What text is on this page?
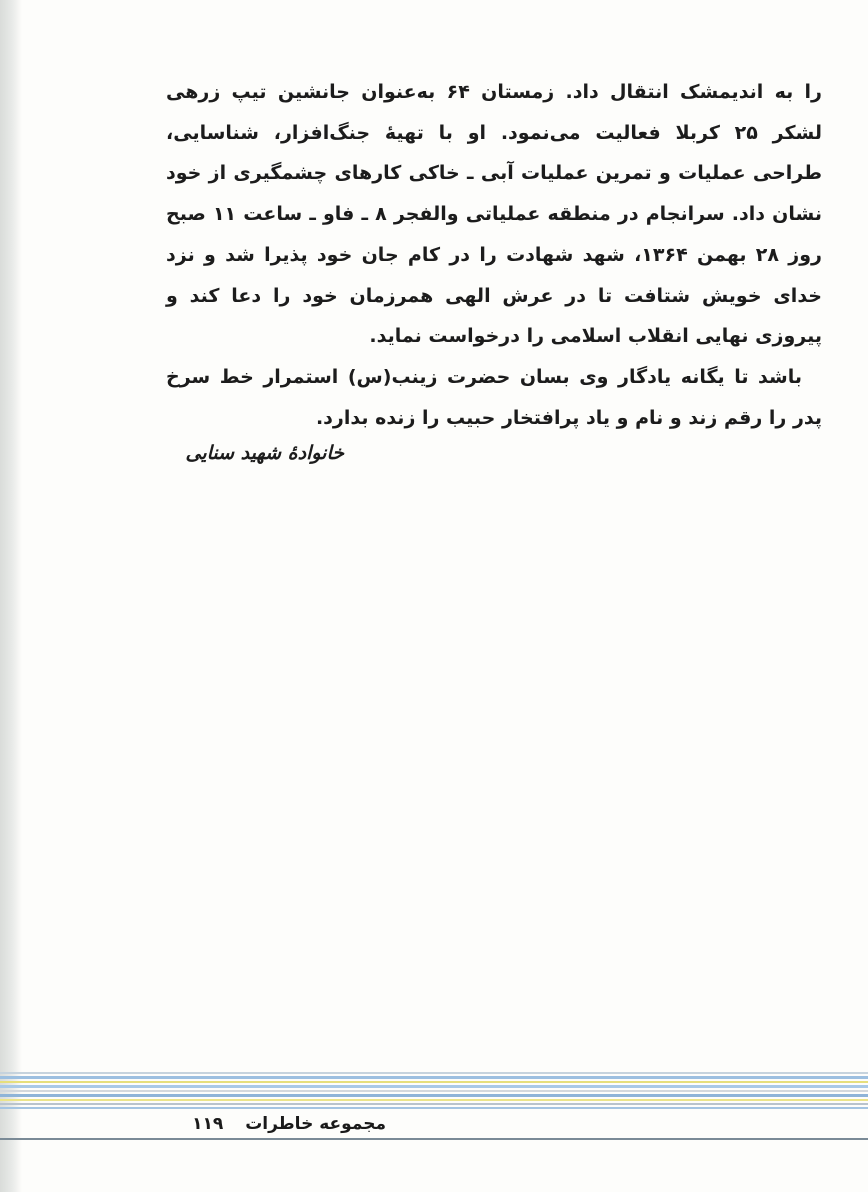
را به اندیمشک انتقال داد. زمستان ۶۴ به‌عنوان جانشین تیپ زرهی لشکر ۲۵ کربلا فعالیت می‌نمود. او با تهیهٔ جنگ‌افزار، شناسایی، طراحی عملیات و تمرین عملیات آبی ـ خاکی کارهای چشمگیری از خود نشان داد. سرانجام در منطقه عملیاتی والفجر ۸ ـ فاو ـ ساعت ۱۱ صبح روز ۲۸ بهمن ۱۳۶۴، شهد شهادت را در کام جان خود پذیرا شد و نزد خدای خویش شتافت تا در عرش الهی همرزمان خود را دعا کند و پیروزی نهایی انقلاب اسلامی را درخواست نماید.

باشد تا یگانه یادگار وی بسان حضرت زینب(س) استمرار خط سرخ پدر را رقم زند و نام و یاد پرافتخار حبیب را زنده بدارد.

خانوادهٔ شهید سنایی
مجموعه خاطرات ۱۱۹
